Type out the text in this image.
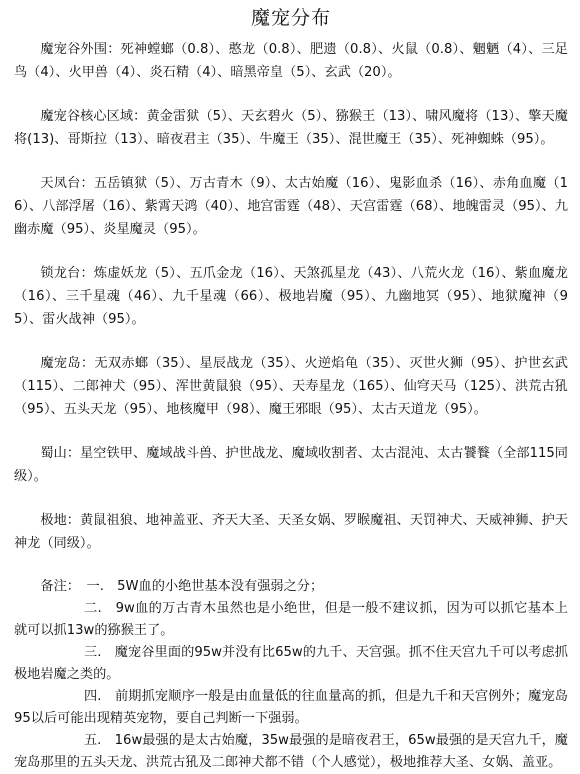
魔宠分布

魔宠谷外围：死神螳螂（0.8）、憨龙（0.8）、肥遗（0.8）、火鼠（0.8）、魍魉（4）、三足鸟（4）、火甲兽（4）、炎石精（4）、暗黑帝皇（5）、玄武（20）。

魔宠谷核心区域：黄金雷狱（5）、天玄碧火（5）、猕猴王（13）、啸风魔将（13）、擎天魔将(13)、哥斯拉（13）、暗夜君主（35）、牛魔王（35）、混世魔王（35）、死神蜘蛛（95）。

天凤台：五岳镇狱（5）、万古青木（9）、太古始魔（16）、鬼影血杀（16）、赤角血魔（16）、八部浮屠（16）、紫霄天鸿（40）、地宫雷霆（48）、天宫雷霆（68）、地魄雷灵（95）、九幽赤魔（95）、炎星魔灵（95）。

锁龙台：炼虚妖龙（5）、五爪金龙（16）、天煞孤星龙（43）、八荒火龙（16）、紫血魔龙（16）、三千星魂（46）、九千星魂（66）、极地岩魔（95）、九幽地冥（95）、地狱魔神（95）、雷火战神（95）。

魔宠岛：无双赤螂（35）、星辰战龙（35）、火逆焰龟（35）、灭世火狮（95）、护世玄武（115）、二郎神犬（95）、浑世黄鼠狼（95）、天寿星龙（165）、仙穹天马（125）、洪荒古犼（95）、五头天龙（95）、地核魔甲（98）、魔王邪眼（95）、太古天道龙（95）。

蜀山：星空铁甲、魔域战斗兽、护世战龙、魔域收割者、太古混沌、太古饕餮（全部115同级）。

极地：黄鼠祖狼、地神盖亚、齐天大圣、天圣女娲、罗睺魔祖、天罚神犬、天威神狮、护天神龙（同级）。

备注：　 一.　5W血的小绝世基本没有强弱之分；

二.　9w血的万古青木虽然也是小绝世，但是一般不建议抓，因为可以抓它基本上就可以抓13w的猕猴王了。

三.　魔宠谷里面的95w并没有比65w的九千、天宫强。抓不住天宫九千可以考虑抓极地岩魔之类的。

四.　前期抓宠顺序一般是由血量低的往血量高的抓，但是九千和天宫例外；魔宠岛95以后可能出现精英宠物，要自己判断一下强弱。

五.　16w最强的是太古始魔，35w最强的是暗夜君王，65w最强的是天宫九千，魔宠岛那里的五头天龙、洪荒古犼及二郎神犬都不错（个人感觉），极地推荐大圣、女娲、盖亚。
